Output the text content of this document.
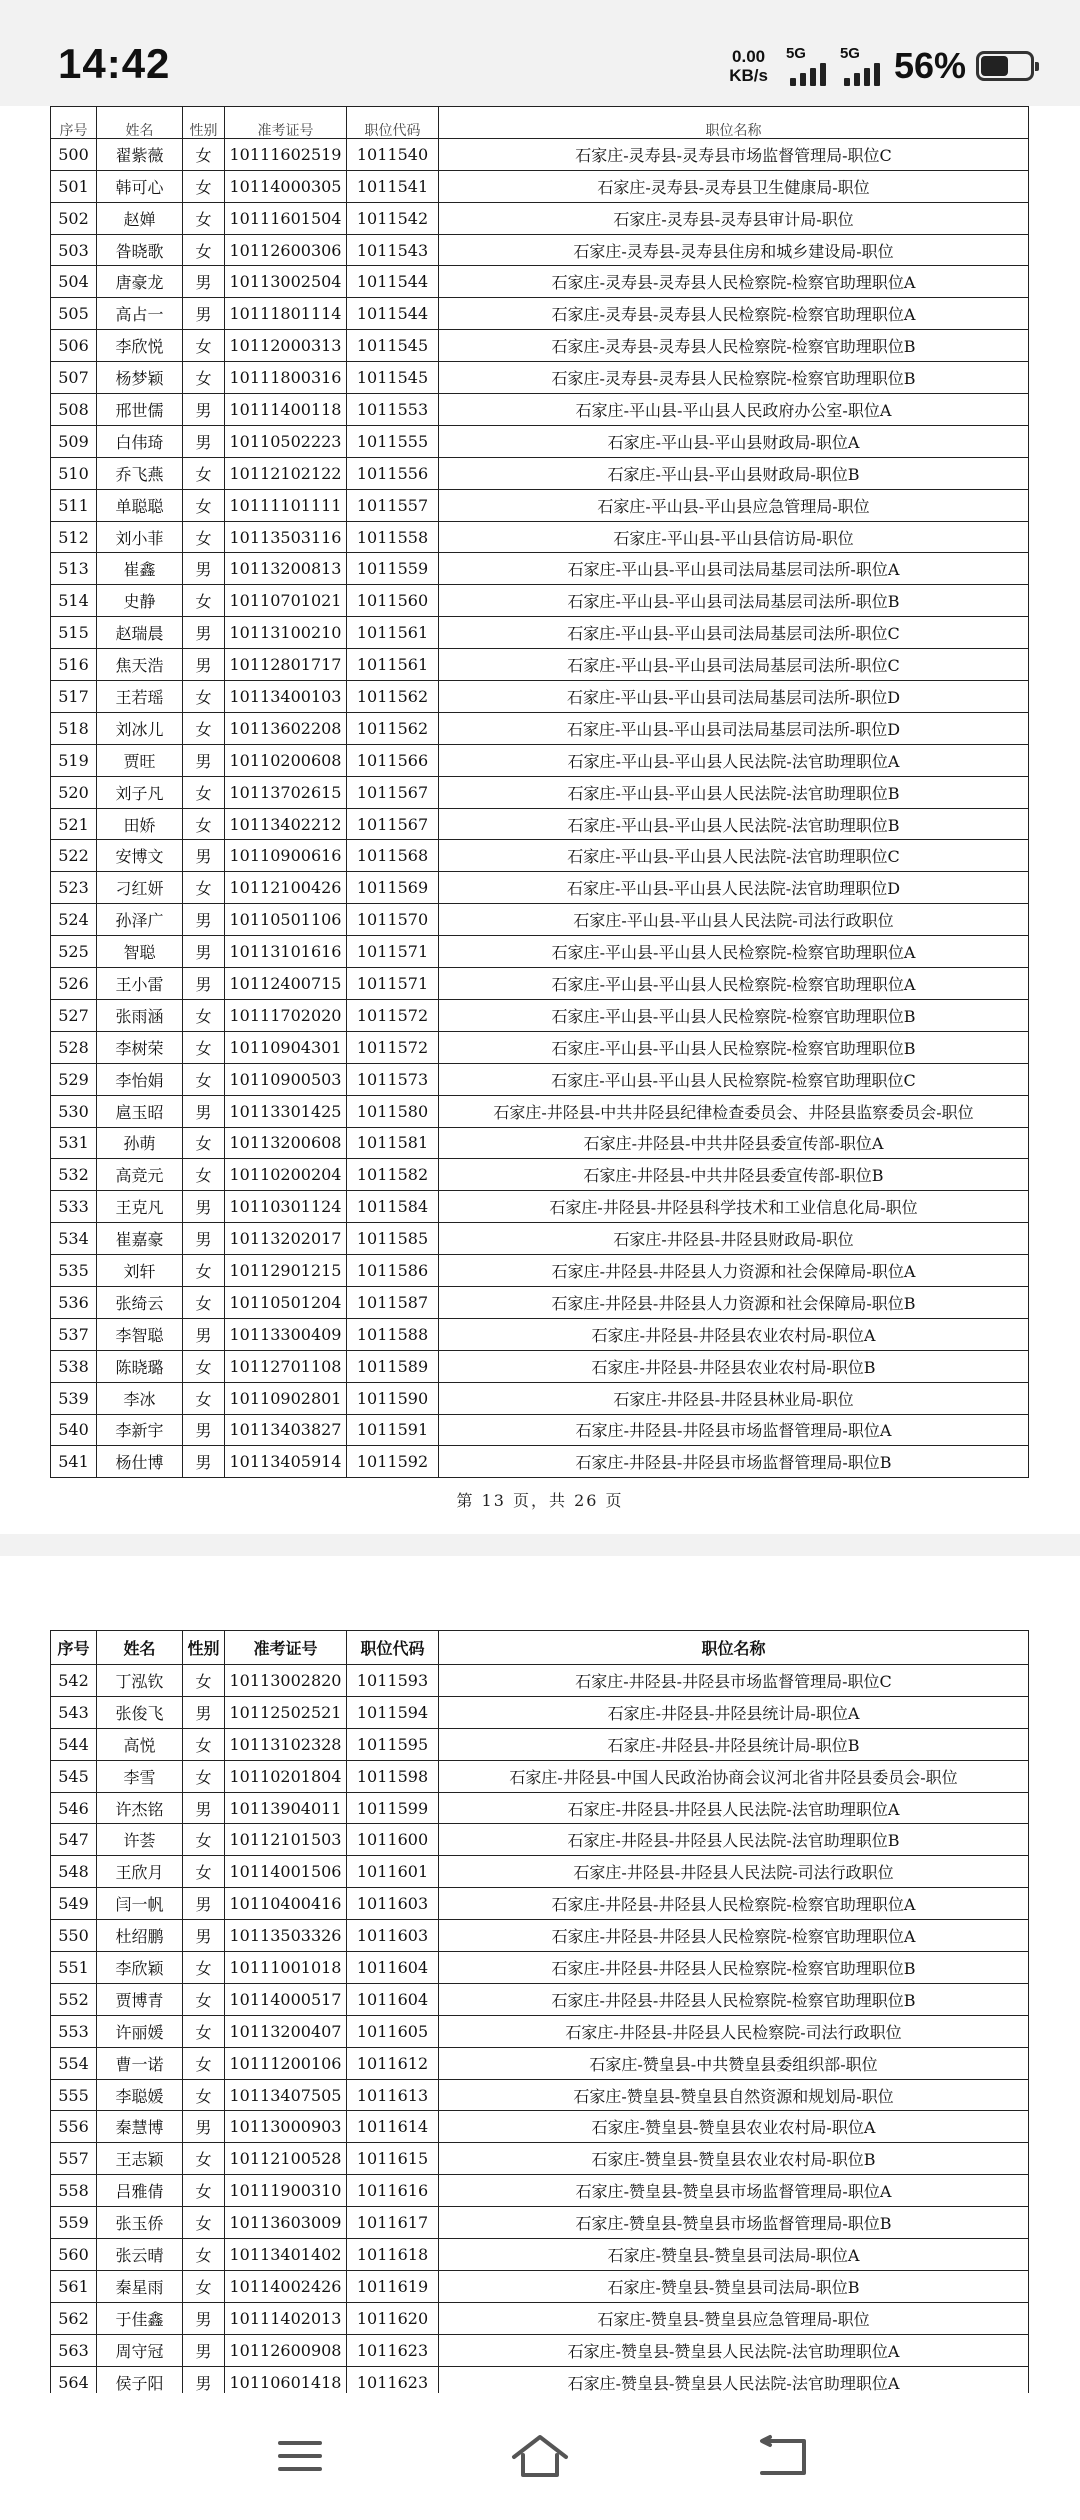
14:42	0.00
KB/s
5G 5G 56%
序号	姓名	性别	准考证号	职位代码	职位名称
500	翟紫薇	女	10111602519	1011540	石家庄-灵寿县-灵寿县市场监督管理局-职位C
501	韩可心	女	10114000305	1011541	石家庄-灵寿县-灵寿县卫生健康局-职位
502	赵婵	女	10111601504	1011542	石家庄-灵寿县-灵寿县审计局-职位
503	昝晓歌	女	10112600306	1011543	石家庄-灵寿县-灵寿县住房和城乡建设局-职位
504	唐豪龙	男	10113002504	1011544	石家庄-灵寿县-灵寿县人民检察院-检察官助理职位A
505	高占一	男	10111801114	1011544	石家庄-灵寿县-灵寿县人民检察院-检察官助理职位A
506	李欣悦	女	10112000313	1011545	石家庄-灵寿县-灵寿县人民检察院-检察官助理职位B
507	杨梦颖	女	10111800316	1011545	石家庄-灵寿县-灵寿县人民检察院-检察官助理职位B
508	邢世儒	男	10111400118	1011553	石家庄-平山县-平山县人民政府办公室-职位A
509	白伟琦	男	10110502223	1011555	石家庄-平山县-平山县财政局-职位A
510	乔飞燕	女	10112102122	1011556	石家庄-平山县-平山县财政局-职位B
511	单聪聪	女	10111101111	1011557	石家庄-平山县-平山县应急管理局-职位
512	刘小菲	女	10113503116	1011558	石家庄-平山县-平山县信访局-职位
513	崔鑫	男	10113200813	1011559	石家庄-平山县-平山县司法局基层司法所-职位A
514	史静	女	10110701021	1011560	石家庄-平山县-平山县司法局基层司法所-职位B
515	赵瑞晨	男	10113100210	1011561	石家庄-平山县-平山县司法局基层司法所-职位C
516	焦天浩	男	10112801717	1011561	石家庄-平山县-平山县司法局基层司法所-职位C
517	王若瑶	女	10113400103	1011562	石家庄-平山县-平山县司法局基层司法所-职位D
518	刘冰儿	女	10113602208	1011562	石家庄-平山县-平山县司法局基层司法所-职位D
519	贾旺	男	10110200608	1011566	石家庄-平山县-平山县人民法院-法官助理职位A
520	刘子凡	女	10113702615	1011567	石家庄-平山县-平山县人民法院-法官助理职位B
521	田娇	女	10113402212	1011567	石家庄-平山县-平山县人民法院-法官助理职位B
522	安博文	男	10110900616	1011568	石家庄-平山县-平山县人民法院-法官助理职位C
523	刁红妍	女	10112100426	1011569	石家庄-平山县-平山县人民法院-法官助理职位D
524	孙泽广	男	10110501106	1011570	石家庄-平山县-平山县人民法院-司法行政职位
525	智聪	男	10113101616	1011571	石家庄-平山县-平山县人民检察院-检察官助理职位A
526	王小雷	男	10112400715	1011571	石家庄-平山县-平山县人民检察院-检察官助理职位A
527	张雨涵	女	10111702020	1011572	石家庄-平山县-平山县人民检察院-检察官助理职位B
528	李树荣	女	10110904301	1011572	石家庄-平山县-平山县人民检察院-检察官助理职位B
529	李怡娟	女	10110900503	1011573	石家庄-平山县-平山县人民检察院-检察官助理职位C
530	扈玉昭	男	10113301425	1011580	石家庄-井陉县-中共井陉县纪律检查委员会、井陉县监察委员会-职位
531	孙萌	女	10113200608	1011581	石家庄-井陉县-中共井陉县委宣传部-职位A
532	高竞元	女	10110200204	1011582	石家庄-井陉县-中共井陉县委宣传部-职位B
533	王克凡	男	10110301124	1011584	石家庄-井陉县-井陉县科学技术和工业信息化局-职位
534	崔嘉豪	男	10113202017	1011585	石家庄-井陉县-井陉县财政局-职位
535	刘轩	女	10112901215	1011586	石家庄-井陉县-井陉县人力资源和社会保障局-职位A
536	张绮云	女	10110501204	1011587	石家庄-井陉县-井陉县人力资源和社会保障局-职位B
537	李智聪	男	10113300409	1011588	石家庄-井陉县-井陉县农业农村局-职位A
538	陈晓璐	女	10112701108	1011589	石家庄-井陉县-井陉县农业农村局-职位B
539	李冰	女	10110902801	1011590	石家庄-井陉县-井陉县林业局-职位
540	李新宇	男	10113403827	1011591	石家庄-井陉县-井陉县市场监督管理局-职位A
541	杨仕博	男	10113405914	1011592	石家庄-井陉县-井陉县市场监督管理局-职位B
第 13 页，共 26 页
序号	姓名	性别	准考证号	职位代码	职位名称
542	丁泓钦	女	10113002820	1011593	石家庄-井陉县-井陉县市场监督管理局-职位C
543	张俊飞	男	10112502521	1011594	石家庄-井陉县-井陉县统计局-职位A
544	高悦	女	10113102328	1011595	石家庄-井陉县-井陉县统计局-职位B
545	李雪	女	10110201804	1011598	石家庄-井陉县-中国人民政治协商会议河北省井陉县委员会-职位
546	许杰铭	男	10113904011	1011599	石家庄-井陉县-井陉县人民法院-法官助理职位A
547	许荟	女	10112101503	1011600	石家庄-井陉县-井陉县人民法院-法官助理职位B
548	王欣月	女	10114001506	1011601	石家庄-井陉县-井陉县人民法院-司法行政职位
549	闫一帆	男	10110400416	1011603	石家庄-井陉县-井陉县人民检察院-检察官助理职位A
550	杜绍鹏	男	10113503326	1011603	石家庄-井陉县-井陉县人民检察院-检察官助理职位A
551	李欣颖	女	10111001018	1011604	石家庄-井陉县-井陉县人民检察院-检察官助理职位B
552	贾博青	女	10114000517	1011604	石家庄-井陉县-井陉县人民检察院-检察官助理职位B
553	许丽媛	女	10113200407	1011605	石家庄-井陉县-井陉县人民检察院-司法行政职位
554	曹一诺	女	10111200106	1011612	石家庄-赞皇县-中共赞皇县委组织部-职位
555	李聪媛	女	10113407505	1011613	石家庄-赞皇县-赞皇县自然资源和规划局-职位
556	秦慧博	男	10113000903	1011614	石家庄-赞皇县-赞皇县农业农村局-职位A
557	王志颖	女	10112100528	1011615	石家庄-赞皇县-赞皇县农业农村局-职位B
558	吕雅倩	女	10111900310	1011616	石家庄-赞皇县-赞皇县市场监督管理局-职位A
559	张玉侨	女	10113603009	1011617	石家庄-赞皇县-赞皇县市场监督管理局-职位B
560	张云晴	女	10113401402	1011618	石家庄-赞皇县-赞皇县司法局-职位A
561	秦星雨	女	10114002426	1011619	石家庄-赞皇县-赞皇县司法局-职位B
562	于佳鑫	男	10111402013	1011620	石家庄-赞皇县-赞皇县应急管理局-职位
563	周守冠	男	10112600908	1011623	石家庄-赞皇县-赞皇县人民法院-法官助理职位A
564	侯子阳	男	10110601418	1011623	石家庄-赞皇县-赞皇县人民法院-法官助理职位A
